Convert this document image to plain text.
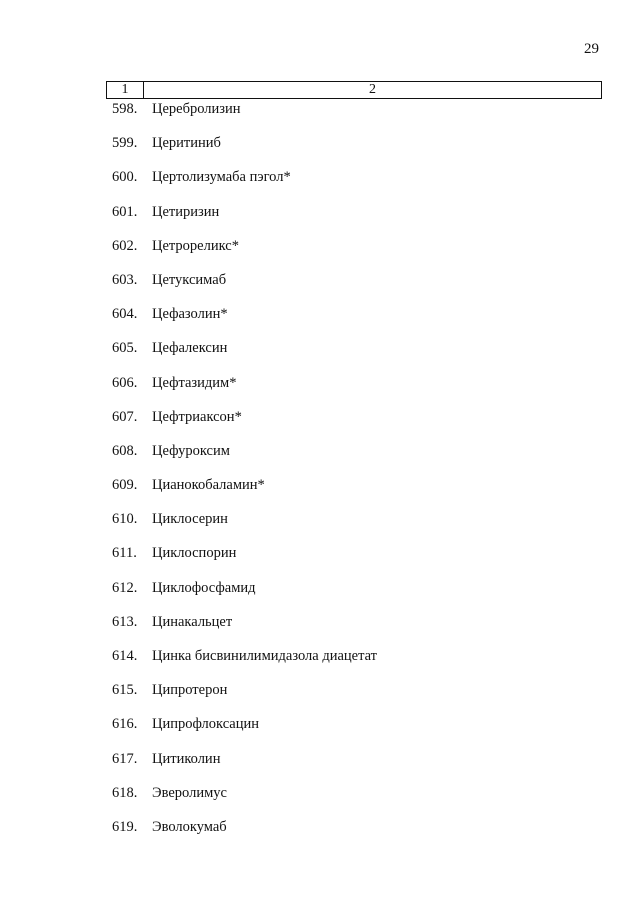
29
1	2
598.	Церебролизин
599.	Церитиниб
600.	Цертолизумаба пэгол*
601.	Цетиризин
602.	Цетрореликс*
603.	Цетуксимаб
604.	Цефазолин*
605.	Цефалексин
606.	Цефтазидим*
607.	Цефтриаксон*
608.	Цефуроксим
609.	Цианокобаламин*
610.	Циклосерин
611.	Циклоспорин
612.	Циклофосфамид
613.	Цинакальцет
614.	Цинка бисвинилимидазола диацетат
615.	Ципротерон
616.	Ципрофлоксацин
617.	Цитиколин
618.	Эверолимус
619.	Эволокумаб
